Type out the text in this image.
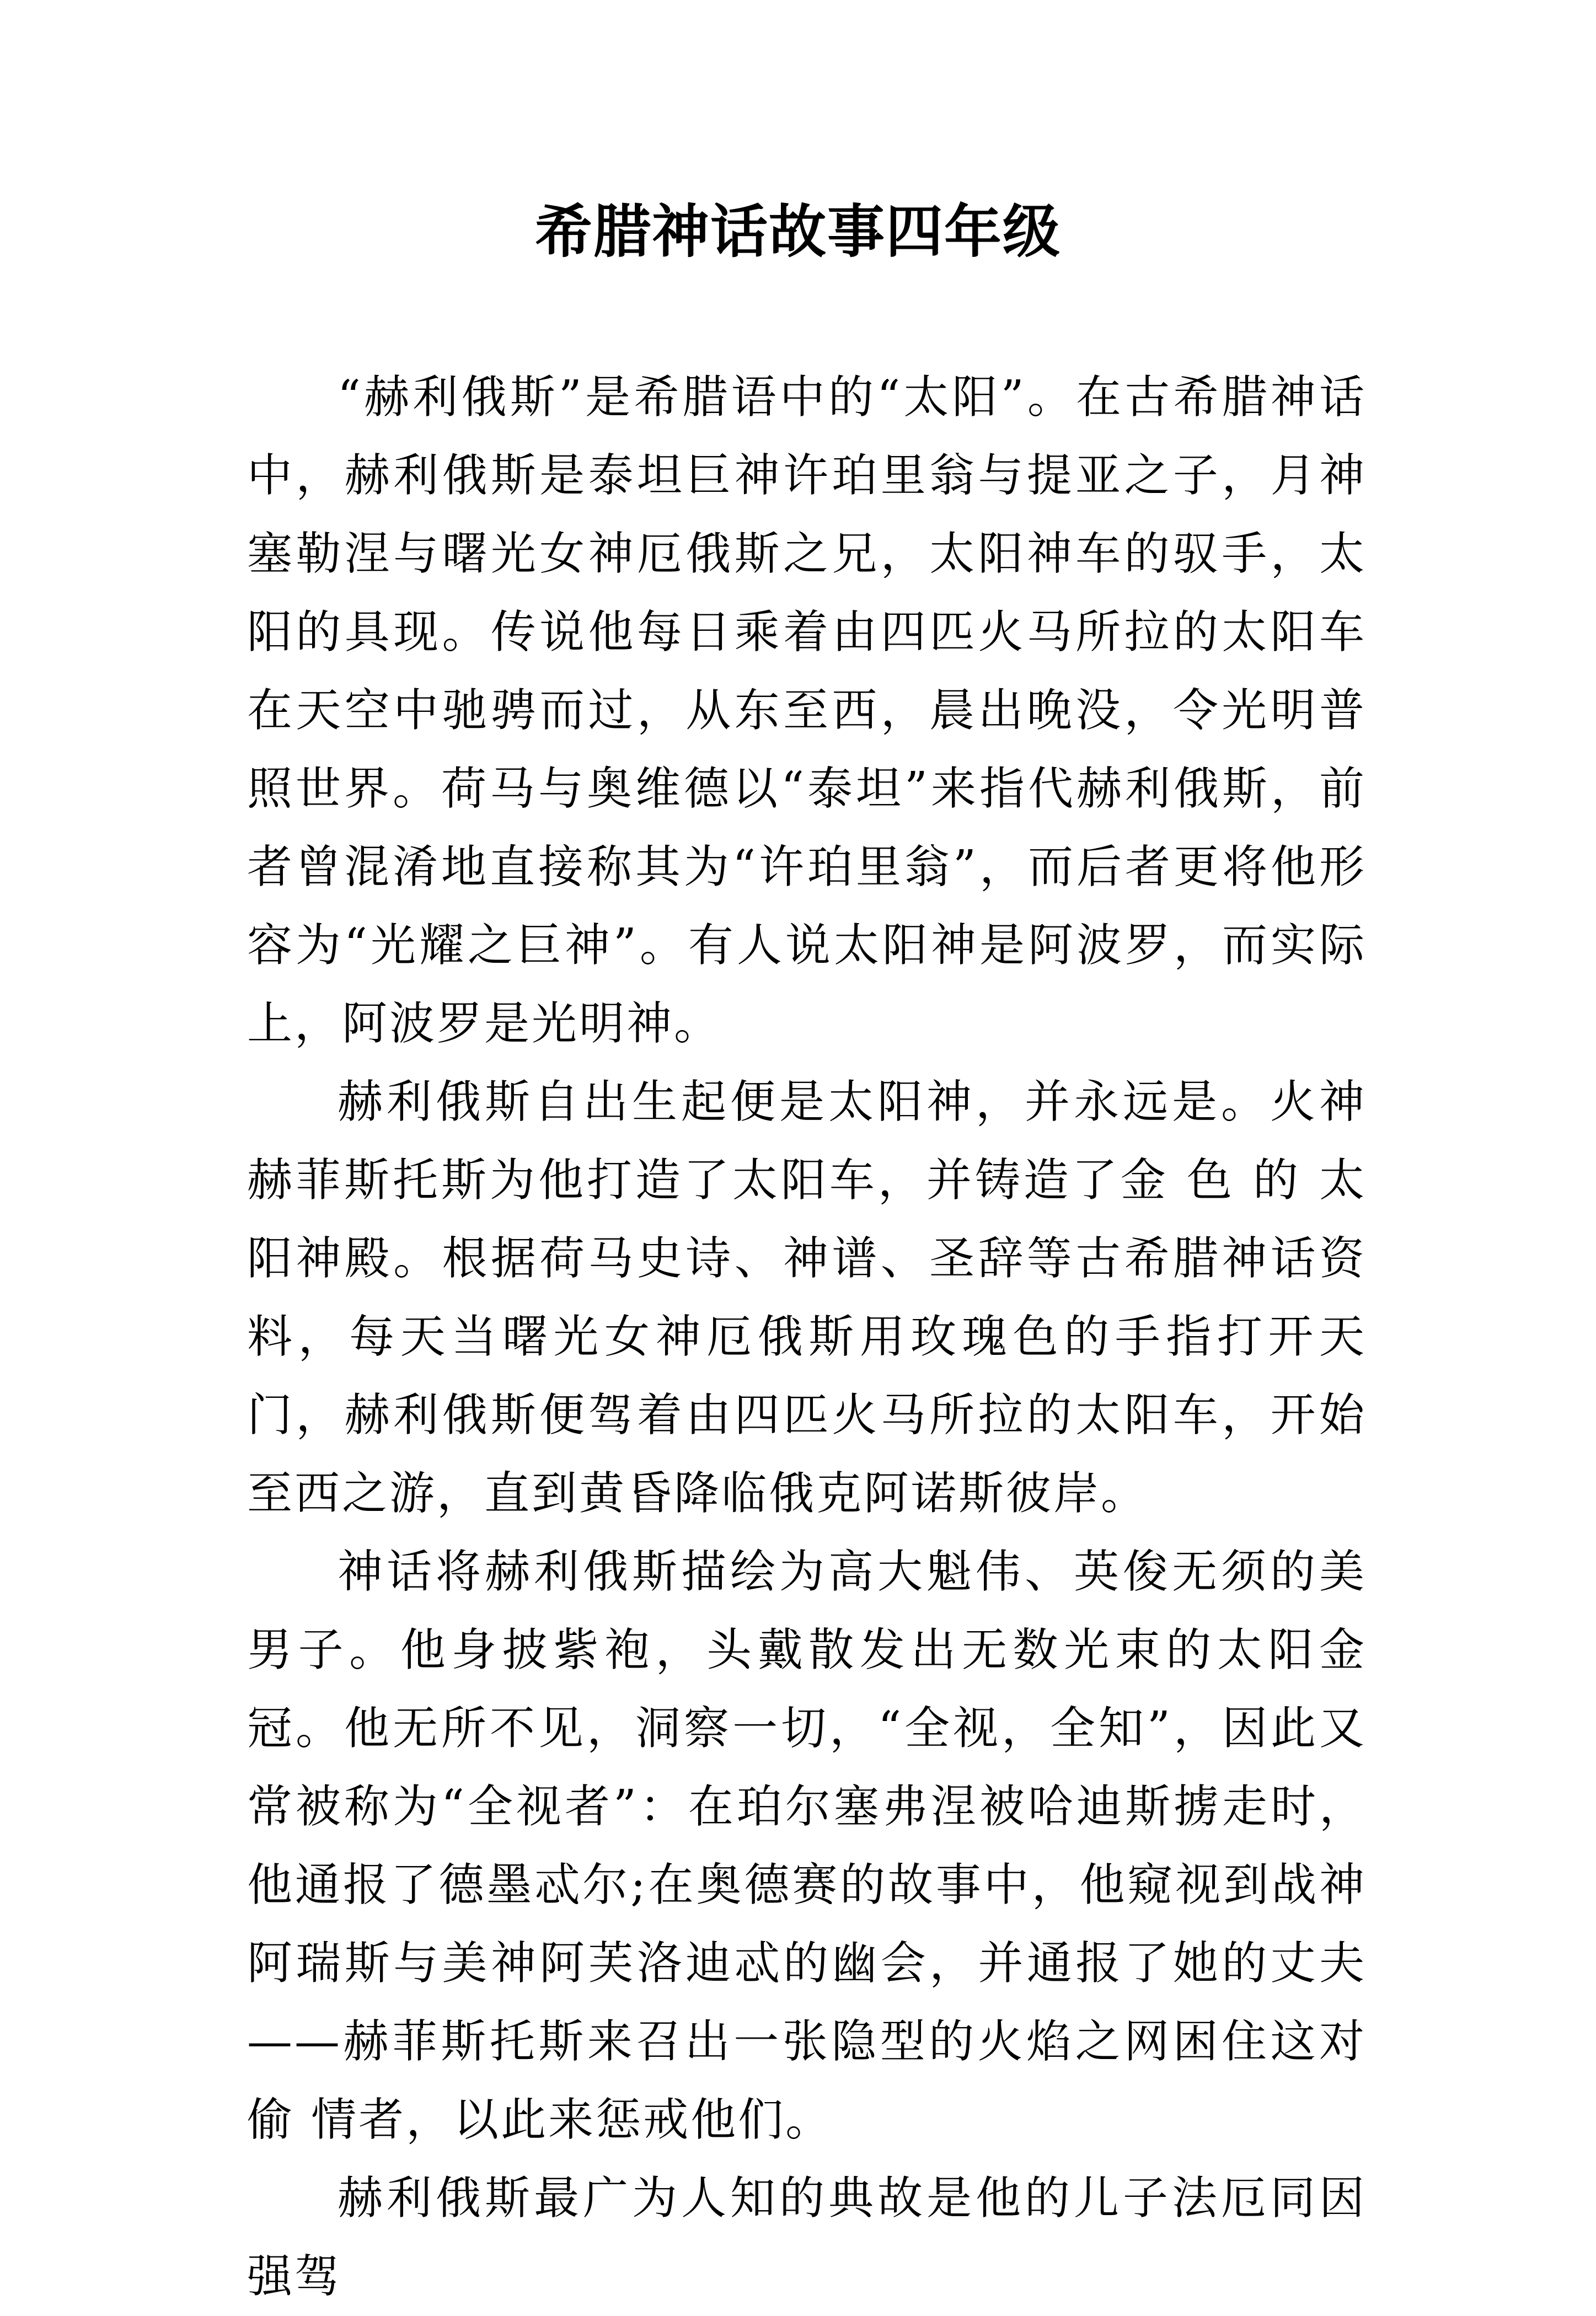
希腊神话故事四年级

“赫利俄斯”是希腊语中的“太阳”。在古希腊神话中，赫利俄斯是泰坦巨神许珀里翁与提亚之子，月神塞勒涅与曙光女神厄俄斯之兄，太阳神车的驭手，太阳的具现。传说他每日乘着由四匹火马所拉的太阳车在天空中驰骋而过，从东至西，晨出晚没，令光明普照世界。荷马与奥维德以“泰坦”来指代赫利俄斯，前者曾混淆地直接称其为“许珀里翁”，而后者更将他形容为“光耀之巨神”。有人说太阳神是阿波罗，而实际上，阿波罗是光明神。

赫利俄斯自出生起便是太阳神，并永远是。火神赫菲斯托斯为他打造了太阳车，并铸造了金 色 的 太 阳神殿。根据荷马史诗、神谱、圣辞等古希腊神话资料，每天当曙光女神厄俄斯用玫瑰色的手指打开天门，赫利俄斯便驾着由四匹火马所拉的太阳车，开始至西之游，直到黄昏降临俄克阿诺斯彼岸。

神话将赫利俄斯描绘为高大魁伟、英俊无须的美男子。他身披紫袍，头戴散发出无数光束的太阳金冠。他无所不见，洞察一切，“全视，全知”，因此又常被称为“全视者”：在珀尔塞弗涅被哈迪斯掳走时，他通报了德墨忒尔;在奥德赛的故事中，他窥视到战神阿瑞斯与美神阿芙洛迪忒的幽会，并通报了她的丈夫——赫菲斯托斯来召出一张隐型的火焰之网困住这对偷 情者，以此来惩戒他们。

赫利俄斯最广为人知的典故是他的儿子法厄同因强驾
